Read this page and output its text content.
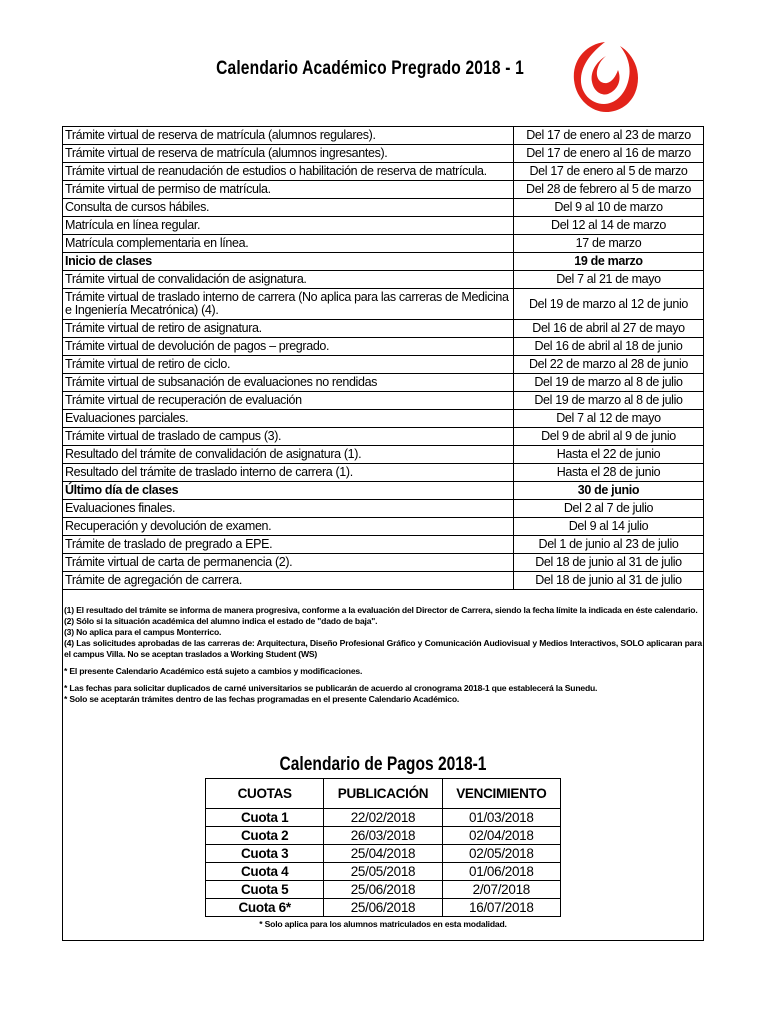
Calendario Académico Pregrado 2018 - 1
Trámite virtual de reserva de matrícula (alumnos regulares).	Del 17 de enero al 23 de marzo
Trámite virtual de reserva de matrícula (alumnos ingresantes).	Del 17 de enero al 16 de marzo
Trámite virtual de reanudación de estudios o habilitación de reserva de matrícula.	Del 17 de enero al 5 de marzo
Trámite virtual de permiso de matrícula.	Del 28 de febrero al 5 de marzo
Consulta de cursos hábiles.	Del 9 al 10 de marzo
Matrícula en línea regular.	Del 12 al 14 de marzo
Matrícula complementaria en línea.	17 de marzo
Inicio de clases	19 de marzo
Trámite virtual de convalidación de asignatura.	Del 7 al 21 de mayo
Trámite virtual de traslado interno de carrera (No aplica para las carreras de Medicina e Ingeniería Mecatrónica) (4).	Del 19 de marzo al 12 de junio
Trámite virtual de retiro de asignatura.	Del 16 de abril al 27 de mayo
Trámite virtual de devolución de pagos – pregrado.	Del 16 de abril al 18 de junio
Trámite virtual de retiro de ciclo.	Del 22 de marzo al 28 de junio
Trámite virtual de subsanación de evaluaciones no rendidas	Del 19 de marzo al 8 de julio
Trámite virtual de recuperación de evaluación	Del 19 de marzo al 8 de julio
Evaluaciones parciales.	Del 7 al 12 de mayo
Trámite virtual de traslado de campus (3).	Del 9 de abril al 9 de junio
Resultado del trámite de convalidación de asignatura (1).	Hasta el 22 de junio
Resultado del trámite de traslado interno de carrera (1).	Hasta el 28 de junio
Último día de clases	30 de junio
Evaluaciones finales.	Del 2 al 7 de julio
Recuperación y devolución de examen.	Del 9 al 14 julio
Trámite de traslado de pregrado a EPE.	Del 1 de junio al 23 de julio
Trámite virtual de carta de permanencia (2).	Del 18 de junio al 31 de julio
Trámite de agregación de carrera.	Del 18 de junio al 31 de julio

(1) El resultado del trámite se informa de manera progresiva, conforme a la evaluación del Director de Carrera, siendo la fecha límite la indicada en éste calendario.

(2) Sólo si la situación académica del alumno indica el estado de "dado de baja".

(3) No aplica para el campus Monterrico.

(4) Las solicitudes aprobadas de las carreras de: Arquitectura, Diseño Profesional Gráfico y Comunicación Audiovisual y Medios Interactivos, SOLO aplicaran para el campus Villa. No se aceptan traslados a Working Student (WS)

* El presente Calendario Académico está sujeto a cambios y modificaciones.

* Las fechas para solicitar duplicados de carné universitarios se publicarán de acuerdo al cronograma 2018-1 que establecerá la Sunedu.

* Solo se aceptarán trámites dentro de las fechas programadas en el presente Calendario Académico.

Calendario de Pagos 2018-1
CUOTAS	PUBLICACIÓN	VENCIMIENTO
Cuota 1	22/02/2018	01/03/2018
Cuota 2	26/03/2018	02/04/2018
Cuota 3	25/04/2018	02/05/2018
Cuota 4	25/05/2018	01/06/2018
Cuota 5	25/06/2018	2/07/2018
Cuota 6*	25/06/2018	16/07/2018
* Solo aplica para los alumnos matriculados en esta modalidad.
